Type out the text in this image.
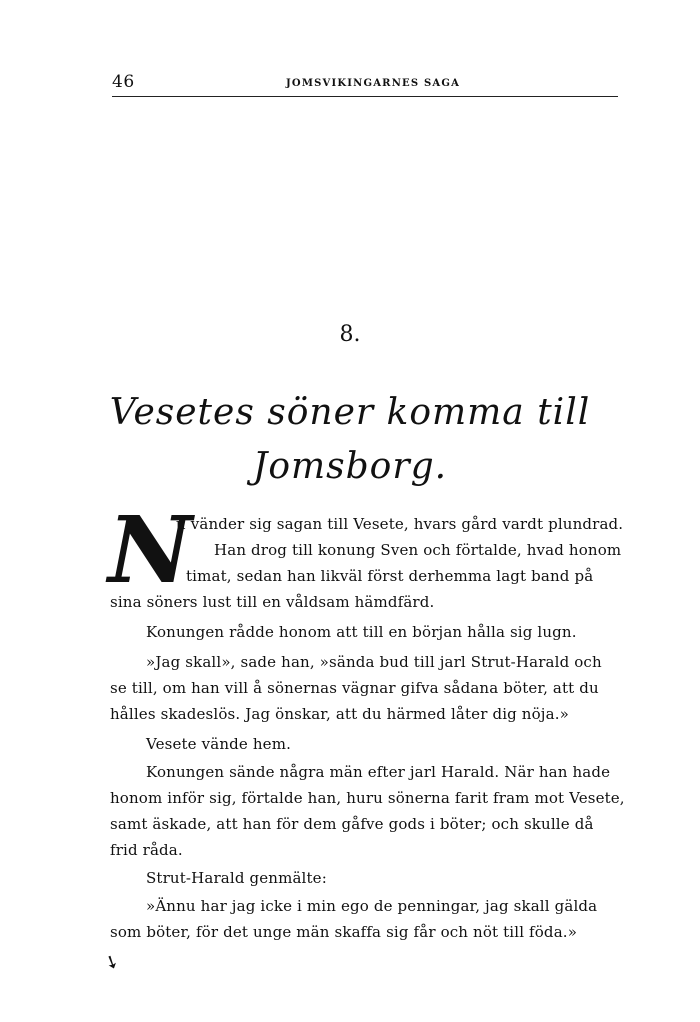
46	JOMSVIKINGARNES SAGA
8.
Vesetes söner komma till
Jomsborg.
N
u vänder sig sagan till Vesete, hvars gård vardt plundrad.
Han drog till konung Sven och förtalde, hvad honom
timat, sedan han likväl först derhemma lagt band på
sina söners lust till en våldsam hämdfärd.
Konungen rådde honom att till en början hålla sig lugn.
»Jag skall», sade han, »sända bud till jarl Strut-Harald och
se till, om han vill å sönernas vägnar gifva sådana böter, att du
hålles skadeslös. Jag önskar, att du härmed låter dig nöja.»
Vesete vände hem.
Konungen sände några män efter jarl Harald. När han hade
honom inför sig, förtalde han, huru sönerna farit fram mot Vesete,
samt äskade, att han för dem gåfve gods i böter; och skulle då
frid råda.
Strut-Harald genmälte:
»Ännu har jag icke i min ego de penningar, jag skall gälda
som böter, för det unge män skaffa sig får och nöt till föda.»
➘
